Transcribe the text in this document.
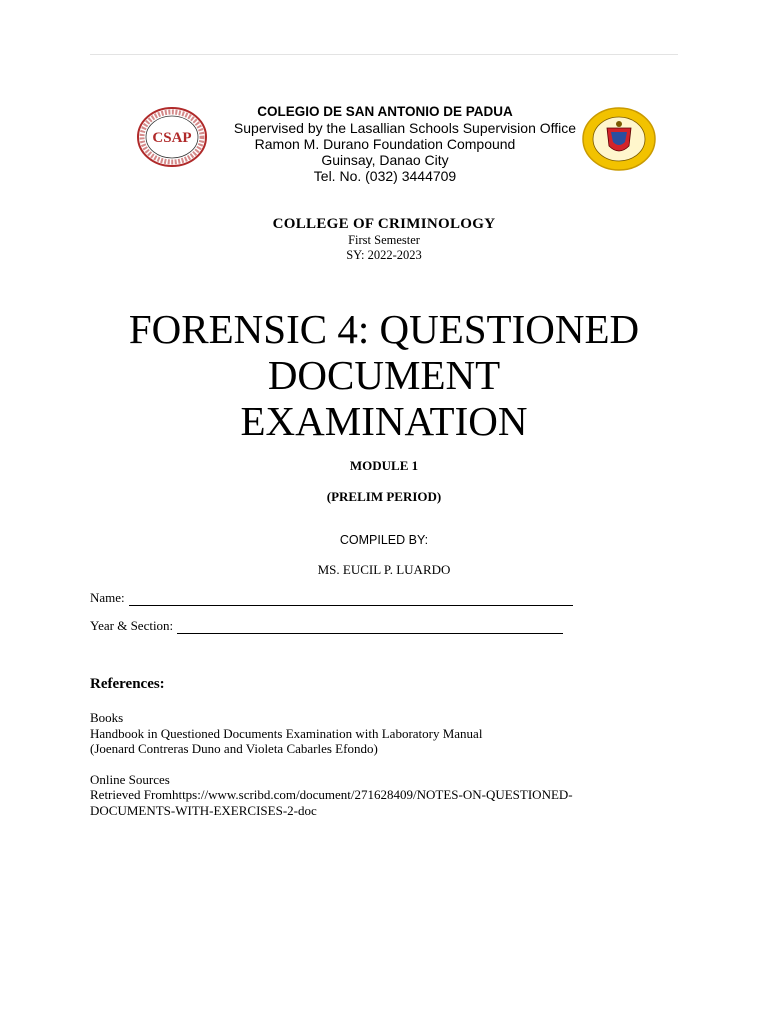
CSAP
COLEGIO DE SAN ANTONIO DE PADUA
Supervised by the Lasallian Schools Supervision Office
Ramon M. Durano Foundation Compound
Guinsay, Danao City
Tel. No. (032) 3444709
COLLEGE OF CRIMINOLOGY
First Semester
SY: 2022-2023
FORENSIC 4: QUESTIONED
DOCUMENT
EXAMINATION
MODULE 1
(PRELIM PERIOD)
COMPILED BY:
MS. EUCIL P. LUARDO
Name:
Year & Section:
References:

Books

Handbook in Questioned Documents Examination with Laboratory Manual

(Joenard Contreras Duno and Violeta Cabarles Efondo)

Online Sources

Retrieved Fromhttps://www.scribd.com/document/271628409/NOTES-ON-QUESTIONED-

DOCUMENTS-WITH-EXERCISES-2-doc
